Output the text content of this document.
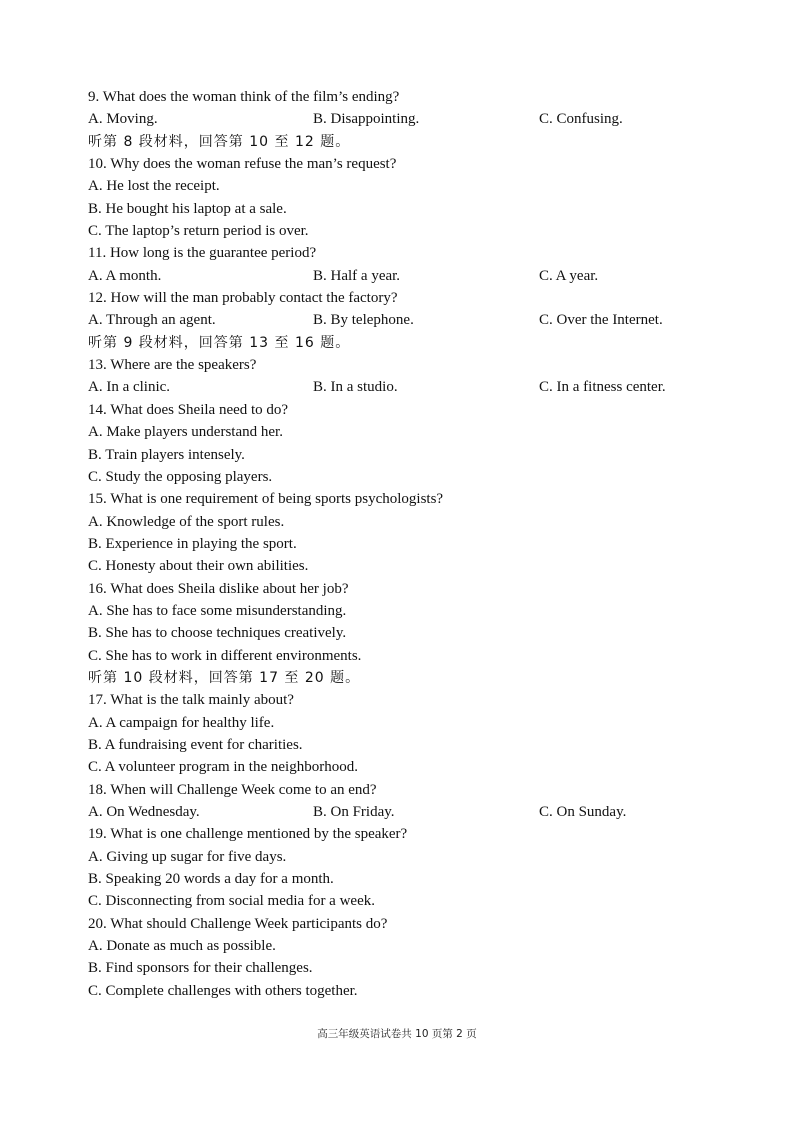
9. What does the woman think of the film’s ending?
A. Moving.	B. Disappointing.	C. Confusing.
听第 8 段材料，回答第 10 至 12 题。
10. Why does the woman refuse the man’s request?
A. He lost the receipt.
B. He bought his laptop at a sale.
C. The laptop’s return period is over.
11. How long is the guarantee period?
A. A month.	B. Half a year.	C. A year.
12. How will the man probably contact the factory?
A. Through an agent.	B. By telephone.	C. Over the Internet.
听第 9 段材料，回答第 13 至 16 题。
13. Where are the speakers?
A. In a clinic.	B. In a studio.	C. In a fitness center.
14. What does Sheila need to do?
A. Make players understand her.
B. Train players intensely.
C. Study the opposing players.
15. What is one requirement of being sports psychologists?
A. Knowledge of the sport rules.
B. Experience in playing the sport.
C. Honesty about their own abilities.
16. What does Sheila dislike about her job?
A. She has to face some misunderstanding.
B. She has to choose techniques creatively.
C. She has to work in different environments.
听第 10 段材料，回答第 17 至 20 题。
17. What is the talk mainly about?
A. A campaign for healthy life.
B. A fundraising event for charities.
C. A volunteer program in the neighborhood.
18. When will Challenge Week come to an end?
A. On Wednesday.	B. On Friday.	C. On Sunday.
19. What is one challenge mentioned by the speaker?
A. Giving up sugar for five days.
B. Speaking 20 words a day for a month.
C. Disconnecting from social media for a week.
20. What should Challenge Week participants do?
A. Donate as much as possible.
B. Find sponsors for their challenges.
C. Complete challenges with others together.
高三年级英语试卷共 10 页第 2 页
